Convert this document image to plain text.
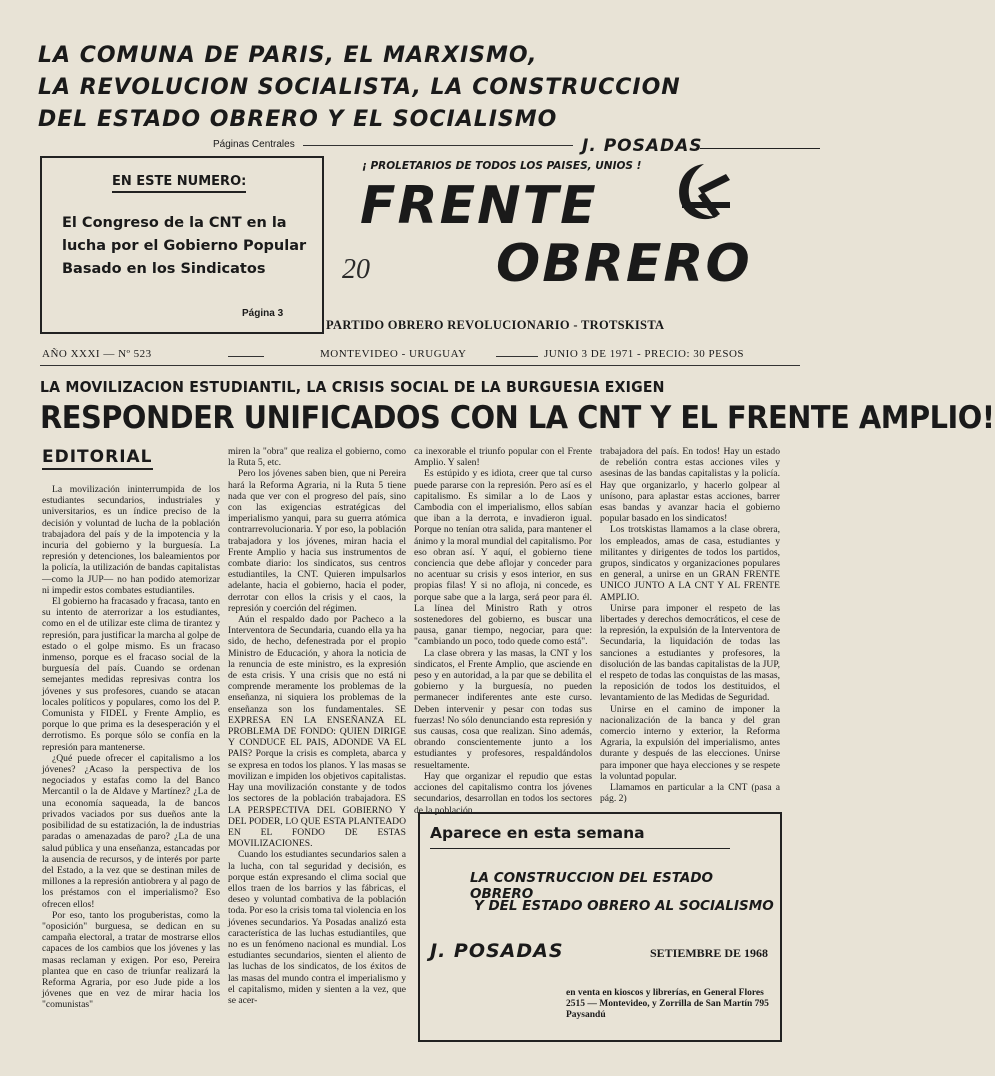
LA COMUNA DE PARIS, EL MARXISMO,
LA REVOLUCION SOCIALISTA, LA CONSTRUCCION
DEL ESTADO OBRERO Y EL SOCIALISMO
Páginas Centrales	J. POSADAS
EN ESTE NUMERO:
El Congreso de la CNT en la lucha por el Gobierno Popular Basado en los Sindicatos
Página 3
¡ PROLETARIOS DE TODOS LOS PAISES, UNIOS !
FRENTE
OBRERO
20
PARTIDO OBRERO REVOLUCIONARIO - TROTSKISTA
AÑO XXXI — Nº 523	MONTEVIDEO - URUGUAY	JUNIO 3 DE 1971 - PRECIO: 30 PESOS
LA MOVILIZACION ESTUDIANTIL, LA CRISIS SOCIAL DE LA BURGUESIA EXIGEN
RESPONDER UNIFICADOS CON LA CNT Y EL FRENTE AMPLIO!
EDITORIAL

La movilización ininterrumpida de los estudiantes secundarios, industriales y universitarios, es un índice preciso de la decisión y voluntad de lucha de la población trabajadora del país y de la impotencia y la incuria del gobierno y la burguesía. La represión y detenciones, los baleamientos por la policía, la utilización de bandas capitalistas —como la JUP— no han podido atemorizar ni impedir estos combates estudiantiles.

El gobierno ha fracasado y fracasa, tanto en su intento de aterrorizar a los estudiantes, como en el de utilizar este clima de tirantez y represión, para justificar la marcha al golpe de estado o el golpe mismo. Es un fracaso inmenso, porque es el fracaso social de la burguesía del país. Cuando se ordenan semejantes medidas represivas contra los jóvenes y sus profesores, cuando se atacan locales políticos y populares, como los del P. Comunista y FIDEL y Frente Amplio, es porque lo que prima es la desesperación y el derrotismo. Es porque sólo se confía en la represión para mantenerse.

¿Qué puede ofrecer el capitalismo a los jóvenes? ¿Acaso la perspectiva de los negociados y estafas como la del Banco Mercantil o la de Aldave y Martínez? ¿La de una economía saqueada, la de bancos privados vaciados por sus dueños ante la posibilidad de su estatización, la de industrias paradas o amenazadas de paro? ¿La de una salud pública y una enseñanza, estancadas por la ausencia de recursos, y de interés por parte del Estado, a la vez que se destinan miles de millones a la represión antiobrera y al pago de los préstamos con el imperialismo? Eso ofrecen ellos!

Por eso, tanto los proguberistas, como la "oposición" burguesa, se dedican en su campaña electoral, a tratar de mostrarse ellos capaces de los cambios que los jóvenes y las masas reclaman y exigen. Por eso, Pereira plantea que en caso de triunfar realizará la Reforma Agraria, por eso Jude pide a los jóvenes que en vez de mirar hacia los "comunistas"

miren la "obra" que realiza el gobierno, como la Ruta 5, etc.

Pero los jóvenes saben bien, que ni Pereira hará la Reforma Agraria, ni la Ruta 5 tiene nada que ver con el progreso del país, sino con las exigencias estratégicas del imperialismo yanqui, para su guerra atómica contrarrevolucionaria. Y por eso, la población trabajadora y los jóvenes, miran hacia el Frente Amplio y hacia sus instrumentos de combate diario: los sindicatos, sus centros estudiantiles, la CNT. Quieren impulsarlos adelante, hacia el gobierno, hacia el poder, derrotar con ellos la crisis y el caos, la represión y coerción del régimen.

Aún el respaldo dado por Pacheco a la Interventora de Secundaria, cuando ella ya ha sido, de hecho, defenestrada por el propio Ministro de Educación, y ahora la noticia de la renuncia de este ministro, es la expresión de esta crisis. Y una crisis que no está ni comprende meramente los problemas de la enseñanza, ni siquiera los problemas de la enseñanza son los fundamentales. SE EXPRESA EN LA ENSEÑANZA EL PROBLEMA DE FONDO: QUIEN DIRIGE Y CONDUCE EL PAIS, ADONDE VA EL PAIS? Porque la crisis es completa, abarca y se expresa en todos los planos. Y las masas se movilizan e impiden los objetivos capitalistas. Hay una movilización constante y de todos los sectores de la población trabajadora. ES LA PERSPECTIVA DEL GOBIERNO Y DEL PODER, LO QUE ESTA PLANTEADO EN EL FONDO DE ESTAS MOVILIZACIONES.

Cuando los estudiantes secundarios salen a la lucha, con tal seguridad y decisión, es porque están expresando el clima social que ellos traen de los barrios y las fábricas, el deseo y voluntad combativa de la población toda. Por eso la crisis toma tal violencia en los jóvenes secundarios. Ya Posadas analizó esta característica de las luchas estudiantiles, que no es un fenómeno nacional es mundial. Los estudiantes secundarios, sienten el aliento de las luchas de los sindicatos, de los éxitos de las masas del mundo contra el imperialismo y el capitalismo, miden y sienten a la vez, que se acer-

ca inexorable el triunfo popular con el Frente Amplio. Y salen!

Es estúpido y es idiota, creer que tal curso puede pararse con la represión. Pero así es el capitalismo. Es similar a lo de Laos y Cambodia con el imperialismo, ellos sabían que iban a la derrota, e invadieron igual. Porque no tenían otra salida, para mantener el ánimo y la moral mundial del capitalismo. Por eso obran así. Y aquí, el gobierno tiene conciencia que debe aflojar y conceder para no acentuar su crisis y esos interior, en sus propias filas! Y si no afloja, ni concede, es porque sabe que a la larga, será peor para él. La línea del Ministro Rath y otros sostenedores del gobierno, es buscar una pausa, ganar tiempo, negociar, para que: "cambiando un poco, todo quede como está".

La clase obrera y las masas, la CNT y los sindicatos, el Frente Amplio, que asciende en peso y en autoridad, a la par que se debilita el gobierno y la burguesía, no pueden permanecer indiferentes ante este curso. Deben intervenir y pesar con todas sus fuerzas! No sólo denunciando esta represión y sus causas, cosa que realizan. Sino además, obrando conscientemente junto a los estudiantes y profesores, respaldándolos resueltamente.

Hay que organizar el repudio que estas acciones del capitalismo contra los jóvenes secundarios, desarrollan en todos los sectores de la población

trabajadora del país. En todos! Hay un estado de rebelión contra estas acciones viles y asesinas de las bandas capitalistas y la policía. Hay que organizarlo, y hacerlo golpear al unísono, para aplastar estas acciones, barrer esas bandas y avanzar hacia el gobierno popular basado en los sindicatos!

Los trotskistas llamamos a la clase obrera, los empleados, amas de casa, estudiantes y militantes y dirigentes de todos los partidos, grupos, sindicatos y organizaciones populares en general, a unirse en un GRAN FRENTE UNICO JUNTO A LA CNT Y AL FRENTE AMPLIO.

Unirse para imponer el respeto de las libertades y derechos democráticos, el cese de la represión, la expulsión de la Interventora de Secundaria, la liquidación de todas las sanciones a estudiantes y profesores, la disolución de las bandas capitalistas de la JUP, el respeto de todas las conquistas de las masas, la reposición de todos los destituidos, el levantamiento de las Medidas de Seguridad.

Unirse en el camino de imponer la nacionalización de la banca y del gran comercio interno y exterior, la Reforma Agraria, la expulsión del imperialismo, antes durante y después de las elecciones. Unirse para imponer que haya elecciones y se respete la voluntad popular.

Llamamos en particular a la CNT (pasa a pág. 2)

Aparece en esta semana
LA CONSTRUCCION DEL ESTADO OBRERO
Y DEL ESTADO OBRERO AL SOCIALISMO
J. POSADAS	SETIEMBRE DE 1968
en venta en kioscos y librerías, en General Flores 2515 — Montevideo, y Zorrilla de San Martín 795 Paysandú
